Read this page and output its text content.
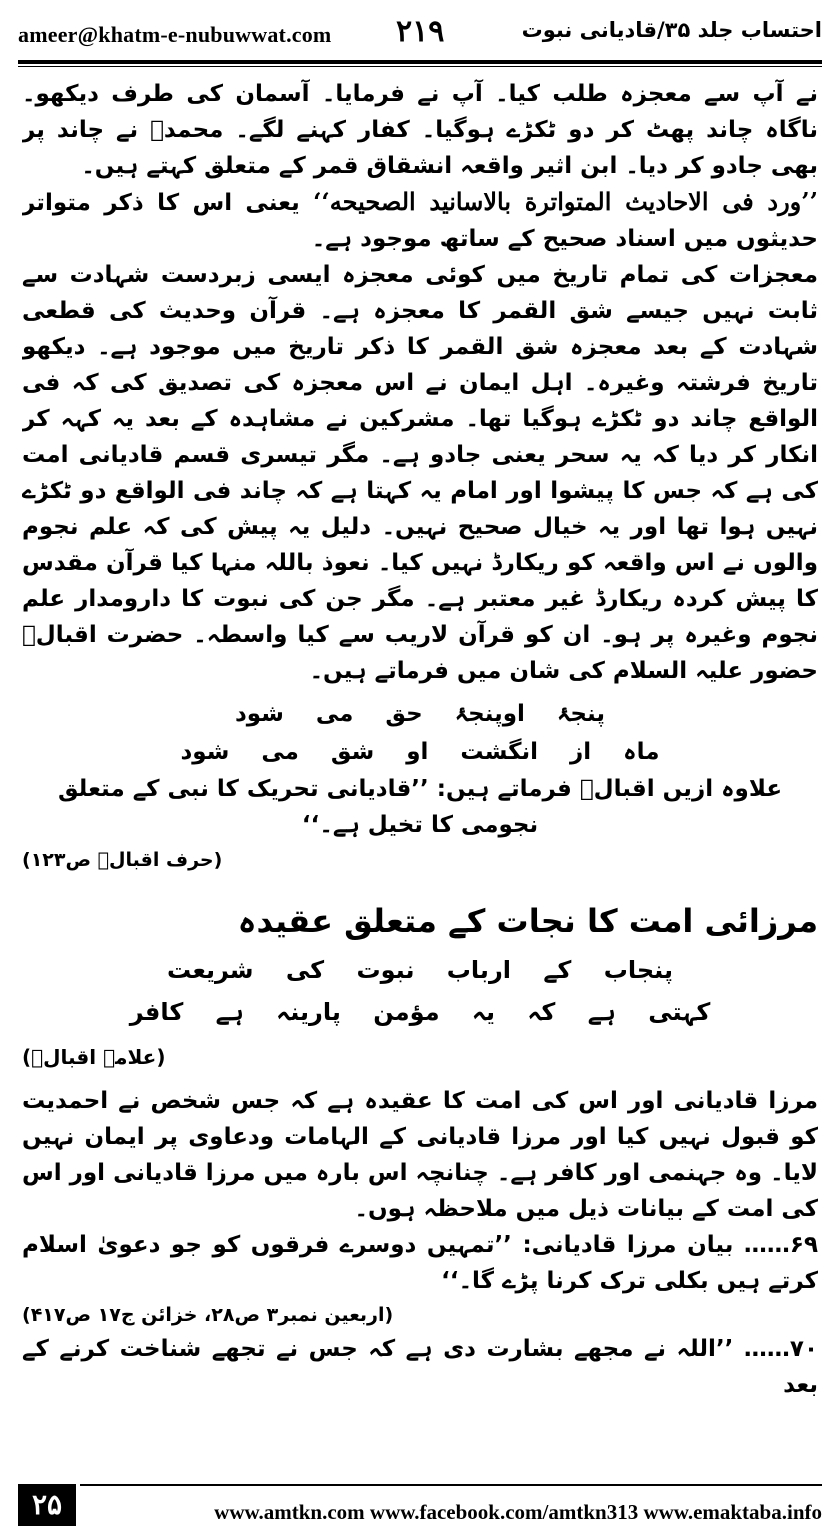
ameer@khatm-e-nubuwwat.com ۲۱۹	احتساب جلد ۳۵/قادیانی نبوت

نے آپ سے معجزہ طلب کیا۔ آپ نے فرمایا۔ آسمان کی طرف دیکھو۔ ناگاہ چاند پھٹ کر دو ٹکڑے ہوگیا۔ کفار کہنے لگے۔ محمدؐ نے چاند پر بھی جادو کر دیا۔ ابن اثیر واقعہ انشقاق قمر کے متعلق کہتے ہیں۔

’’ورد فی الاحادیث المتواترة بالاسانید الصحیحه‘‘ یعنی اس کا ذکر متواتر حدیثوں میں اسناد صحیح کے ساتھ موجود ہے۔

معجزات کی تمام تاریخ میں کوئی معجزہ ایسی زبردست شہادت سے ثابت نہیں جیسے شق القمر کا معجزہ ہے۔ قرآن وحدیث کی قطعی شہادت کے بعد معجزہ شق القمر کا ذکر تاریخ میں موجود ہے۔ دیکھو تاریخ فرشتہ وغیرہ۔ اہل ایمان نے اس معجزہ کی تصدیق کی کہ فی الواقع چاند دو ٹکڑے ہوگیا تھا۔ مشرکین نے مشاہدہ کے بعد یہ کہہ کر انکار کر دیا کہ یہ سحر یعنی جادو ہے۔ مگر تیسری قسم قادیانی امت کی ہے کہ جس کا پیشوا اور امام یہ کہتا ہے کہ چاند فی الواقع دو ٹکڑے نہیں ہوا تھا اور یہ خیال صحیح نہیں۔ دلیل یہ پیش کی کہ علم نجوم والوں نے اس واقعہ کو ریکارڈ نہیں کیا۔ نعوذ باللہ منہا کیا قرآن مقدس کا پیش کردہ ریکارڈ غیر معتبر ہے۔ مگر جن کی نبوت کا دارومدار علم نجوم وغیرہ پر ہو۔ ان کو قرآن لاریب سے کیا واسطہ۔ حضرت اقبالؒ حضور علیہ السلام کی شان میں فرماتے ہیں۔

پنجۂ اوپنجۂ حق می شود
ماہ از انگشت او شق می شود

علاوہ ازیں اقبالؒ فرماتے ہیں: ’’قادیانی تحریک کا نبی کے متعلق نجومی کا تخیل ہے۔‘‘

(حرف اقبالؒ ص۱۲۳)

مرزائی امت کا نجات کے متعلق عقیدہ
پنجاب کے ارباب نبوت کی شریعت
کہتی ہے کہ یہ مؤمن پارینہ ہے کافر

(علامہ اقبالؒ)

مرزا قادیانی اور اس کی امت کا عقیدہ ہے کہ جس شخص نے احمدیت کو قبول نہیں کیا اور مرزا قادیانی کے الہامات ودعاوی پر ایمان نہیں لایا۔ وہ جہنمی اور کافر ہے۔ چنانچہ اس بارہ میں مرزا قادیانی اور اس کی امت کے بیانات ذیل میں ملاحظہ ہوں۔

۶۹…… بیان مرزا قادیانی: ’’تمہیں دوسرے فرقوں کو جو دعویٰ اسلام کرتے ہیں بکلی ترک کرنا پڑے گا۔‘‘

(اربعین نمبر۳ ص۲۸، خزائن ج۱۷ ص۴۱۷)

۷۰…… ’’اللہ نے مجھے بشارت دی ہے کہ جس نے تجھے شناخت کرنے کے بعد

۲۵	www.amtkn.com www.facebook.com/amtkn313 www.emaktaba.info
